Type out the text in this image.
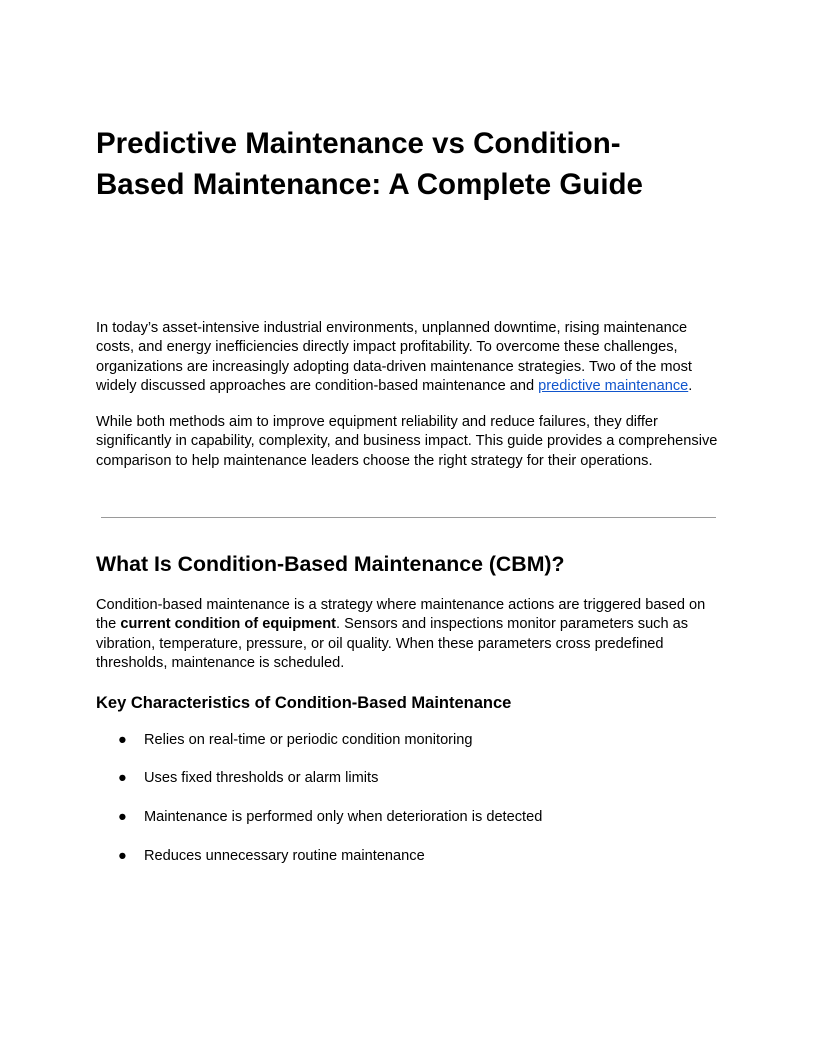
Predictive Maintenance vs Condition-Based Maintenance: A Complete Guide

In today’s asset-intensive industrial environments, unplanned downtime, rising maintenance costs, and energy inefficiencies directly impact profitability. To overcome these challenges, organizations are increasingly adopting data-driven maintenance strategies. Two of the most widely discussed approaches are condition-based maintenance and predictive maintenance.

While both methods aim to improve equipment reliability and reduce failures, they differ significantly in capability, complexity, and business impact. This guide provides a comprehensive comparison to help maintenance leaders choose the right strategy for their operations.

What Is Condition-Based Maintenance (CBM)?

Condition-based maintenance is a strategy where maintenance actions are triggered based on the current condition of equipment. Sensors and inspections monitor parameters such as vibration, temperature, pressure, or oil quality. When these parameters cross predefined thresholds, maintenance is scheduled.

Key Characteristics of Condition-Based Maintenance
● Relies on real-time or periodic condition monitoring
● Uses fixed thresholds or alarm limits
● Maintenance is performed only when deterioration is detected
● Reduces unnecessary routine maintenance
